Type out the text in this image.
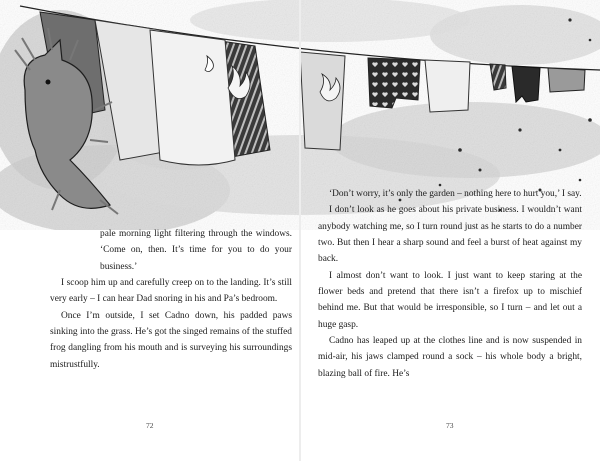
pale morning light filtering through the windows. ‘Come on, then. It’s time for you to do your business.’

I scoop him up and carefully creep on to the landing. It’s still very early – I can hear Dad snoring in his and Pa’s bedroom.

Once I’m outside, I set Cadno down, his padded paws sinking into the grass. He’s got the singed remains of the stuffed frog dangling from his mouth and is surveying his surroundings mistrustfully.

‘Don’t worry, it’s only the garden – nothing here to hurt you,’ I say.

I don’t look as he goes about his private business. I wouldn’t want anybody watching me, so I turn round just as he starts to do a number two. But then I hear a sharp sound and feel a burst of heat against my back.

I almost don’t want to look. I just want to keep staring at the flower beds and pretend that there isn’t a firefox up to mischief behind me. But that would be irresponsible, so I turn – and let out a huge gasp.

Cadno has leaped up at the clothes line and is now suspended in mid-air, his jaws clamped round a sock – his whole body a bright, blazing ball of fire. He’s

72	73
